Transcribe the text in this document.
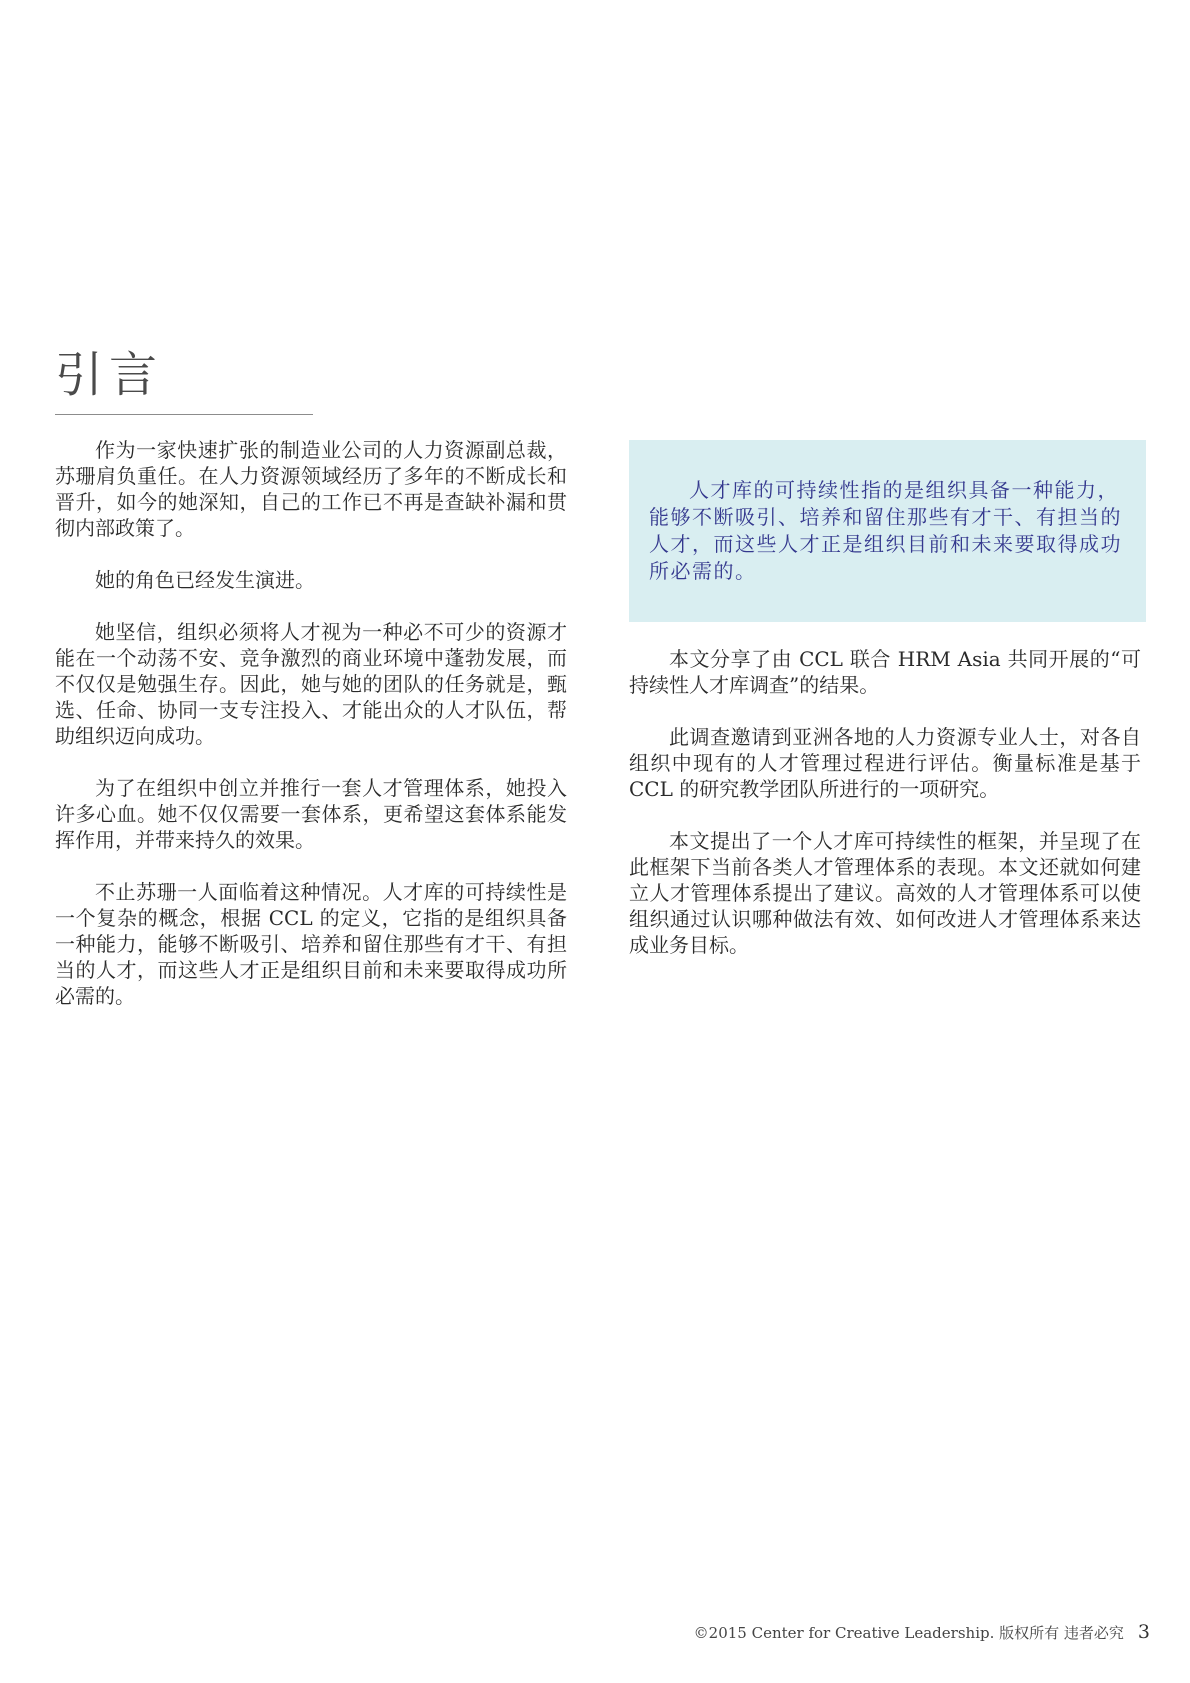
引言

作为一家快速扩张的制造业公司的人力资源副总裁，苏珊肩负重任。在人力资源领域经历了多年的不断成长和晋升，如今的她深知，自己的工作已不再是查缺补漏和贯彻内部政策了。

她的角色已经发生演进。

她坚信，组织必须将人才视为一种必不可少的资源才能在一个动荡不安、竞争激烈的商业环境中蓬勃发展，而不仅仅是勉强生存。因此，她与她的团队的任务就是，甄选、任命、协同一支专注投入、才能出众的人才队伍，帮助组织迈向成功。

为了在组织中创立并推行一套人才管理体系，她投入许多心血。她不仅仅需要一套体系，更希望这套体系能发挥作用，并带来持久的效果。

不止苏珊一人面临着这种情况。人才库的可持续性是一个复杂的概念，根据 CCL 的定义，它指的是组织具备一种能力，能够不断吸引、培养和留住那些有才干、有担当的人才，而这些人才正是组织目前和未来要取得成功所必需的。

人才库的可持续性指的是组织具备一种能力，能够不断吸引、培养和留住那些有才干、有担当的人才，而这些人才正是组织目前和未来要取得成功所必需的。

本文分享了由 CCL 联合 HRM Asia 共同开展的“可持续性人才库调查”的结果。

此调查邀请到亚洲各地的人力资源专业人士，对各自组织中现有的人才管理过程进行评估。衡量标准是基于 CCL 的研究教学团队所进行的一项研究。

本文提出了一个人才库可持续性的框架，并呈现了在此框架下当前各类人才管理体系的表现。本文还就如何建立人才管理体系提出了建议。高效的人才管理体系可以使组织通过认识哪种做法有效、如何改进人才管理体系来达成业务目标。

©2015 Center for Creative Leadership. 版权所有 违者必究 3
